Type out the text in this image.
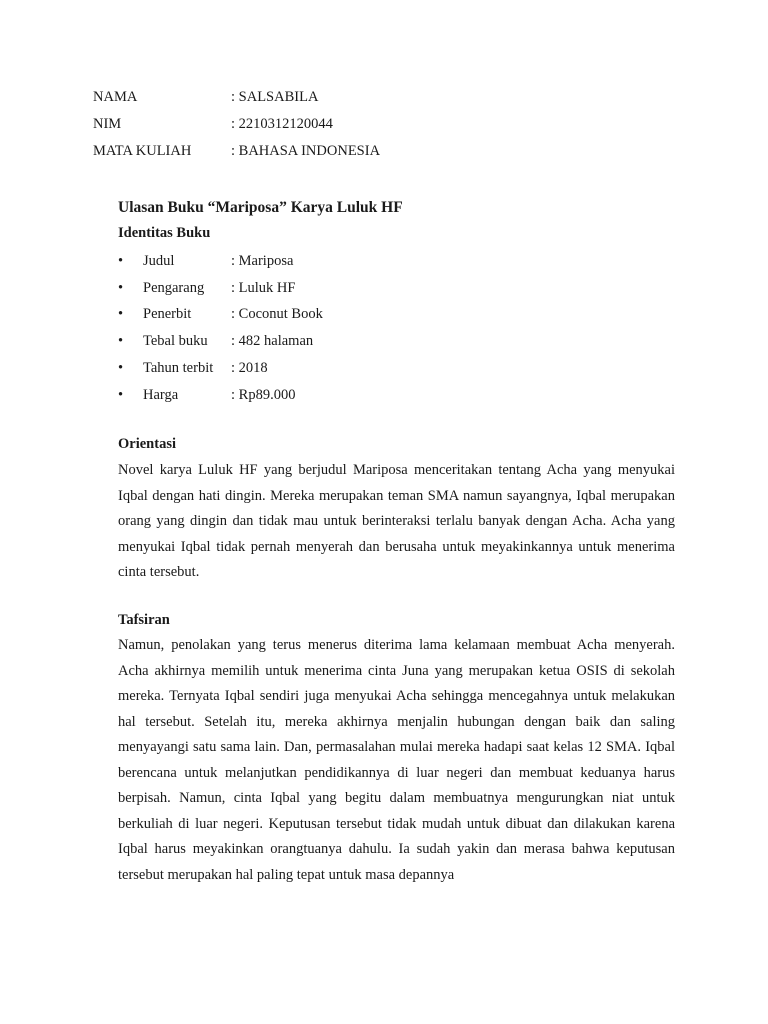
NAMA	: SALSABILA
NIM	: 2210312120044
MATA KULIAH	: BAHASA INDONESIA
Ulasan Buku “Mariposa” Karya Luluk HF
Identitas Buku
• Judul	: Mariposa
• Pengarang : Luluk HF
• Penerbit	: Coconut Book
• Tebal buku : 482 halaman
• Tahun terbit : 2018
• Harga	: Rp89.000
Orientasi

Novel karya Luluk HF yang berjudul Mariposa menceritakan tentang Acha yang menyukai Iqbal dengan hati dingin. Mereka merupakan teman SMA namun sayangnya, Iqbal merupakan orang yang dingin dan tidak mau untuk berinteraksi terlalu banyak dengan Acha. Acha yang menyukai Iqbal tidak pernah menyerah dan berusaha untuk meyakinkannya untuk menerima cinta tersebut.

Tafsiran

Namun, penolakan yang terus menerus diterima lama kelamaan membuat Acha menyerah. Acha akhirnya memilih untuk menerima cinta Juna yang merupakan ketua OSIS di sekolah mereka. Ternyata Iqbal sendiri juga menyukai Acha sehingga mencegahnya untuk melakukan hal tersebut. Setelah itu, mereka akhirnya menjalin hubungan dengan baik dan saling menyayangi satu sama lain. Dan, permasalahan mulai mereka hadapi saat kelas 12 SMA. Iqbal berencana untuk melanjutkan pendidikannya di luar negeri dan membuat keduanya harus berpisah. Namun, cinta Iqbal yang begitu dalam membuatnya mengurungkan niat untuk berkuliah di luar negeri. Keputusan tersebut tidak mudah untuk dibuat dan dilakukan karena Iqbal harus meyakinkan orangtuanya dahulu. Ia sudah yakin dan merasa bahwa keputusan tersebut merupakan hal paling tepat untuk masa depannya
